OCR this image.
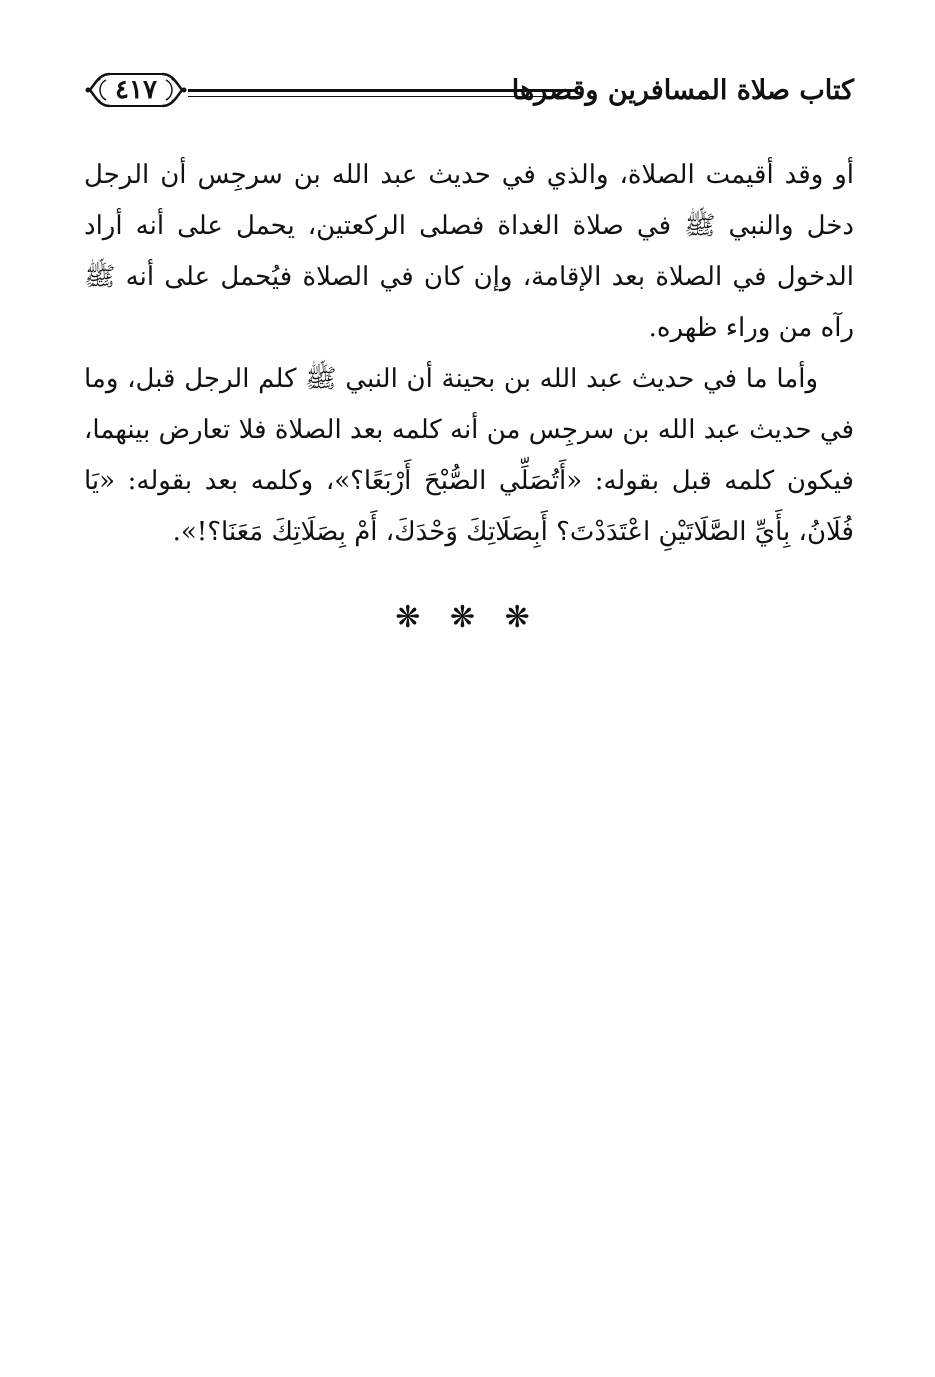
كتاب صلاة المسافرين وقصرها
٤١٧

أو وقد أقيمت الصلاة، والذي في حديث عبد الله بن سرجِس أن الرجل دخل والنبي ﷺ في صلاة الغداة فصلى الركعتين، يحمل على أنه أراد الدخول في الصلاة بعد الإقامة، وإن كان في الصلاة فيُحمل على أنه ﷺ رآه من وراء ظهره.

وأما ما في حديث عبد الله بن بحينة أن النبي ﷺ كلم الرجل قبل، وما في حديث عبد الله بن سرجِس من أنه كلمه بعد الصلاة فلا تعارض بينهما، فيكون كلمه قبل بقوله: «أَتُصَلِّي الصُّبْحَ أَرْبَعًا؟»، وكلمه بعد بقوله: «يَا فُلَانُ، بِأَيِّ الصَّلَاتَيْنِ اعْتَدَدْتَ؟ أَبِصَلَاتِكَ وَحْدَكَ، أَمْ بِصَلَاتِكَ مَعَنَا؟!».

❋ ❋ ❋
